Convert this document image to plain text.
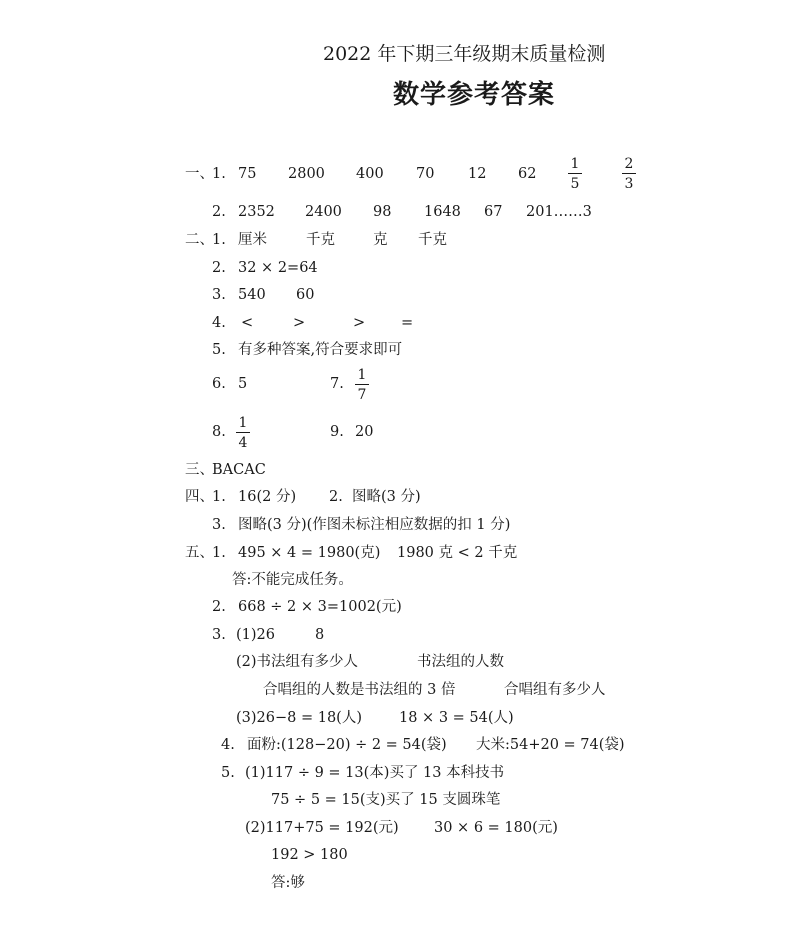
2022 年下期三年级期末质量检测
数学参考答案
一、
1. 75 2800 400 70 12 62
1
5
2
3
2. 2352 2400 98 1648 67 201……3
二、
1. 厘米	千克	克 千克
2. 32 × 2=64
3. 540 60
4. <	>	> =
5. 有多种答案,符合要求即可
6. 5	7.
1
7
8.
1
4
9. 20
三、
BACAC
四、
1. 16(2 分) 2. 图略(3 分)
3. 图略(3 分)(作图未标注相应数据的扣 1 分)
五、
1. 495 × 4 = 1980(克) 1980 克 < 2 千克
答:不能完成任务。
2. 668 ÷ 2 × 3=1002(元)
3. (1)26	8
(2)书法组有多少人	书法组的人数
合唱组的人数是书法组的 3 倍	合唱组有多少人
(3)26−8 = 18(人)	18 × 3 = 54(人)
4. 面粉:(128−20) ÷ 2 = 54(袋) 大米:54+20 = 74(袋)
5. (1)117 ÷ 9 = 13(本)买了 13 本科技书
75 ÷ 5 = 15(支)买了 15 支圆珠笔
(2)117+75 = 192(元) 30 × 6 = 180(元)
192 > 180
答:够
